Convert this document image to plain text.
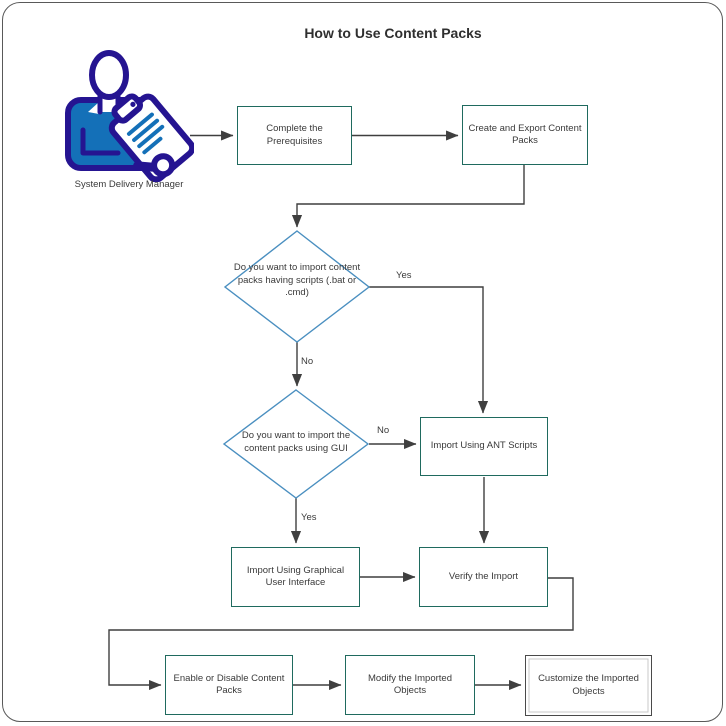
How to Use Content Packs
System Delivery Manager
Complete the Prerequisites
Create and Export Content Packs
Import Using ANT Scripts
Import Using Graphical User Interface
Verify the Import
Enable or Disable Content Packs
Modify the Imported Objects
Customize the Imported Objects
Do you want to import content packs having scripts (.bat or .cmd)
Do you want to import the content packs using GUI
Yes
No
No
Yes
